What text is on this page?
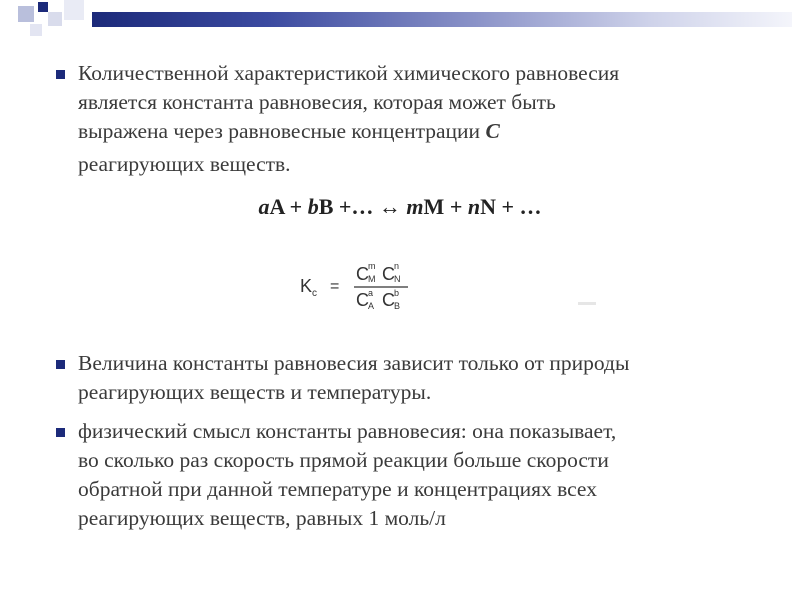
Количественной характеристикой химического равновесия
является константа равновесия, которая может быть
выражена через равновесные концентрации C
реагирующих веществ.
aA + bB +… ↔ mM + nN + …
K c =
C m
M C n
N
C a
A C b
B
Величина константы равновесия зависит только от природы
реагирующих веществ и температуры.
физический смысл константы равновесия: она показывает,
во сколько раз скорость прямой реакции больше скорости
обратной при данной температуре и концентрациях всех
реагирующих веществ, равных 1 моль/л
